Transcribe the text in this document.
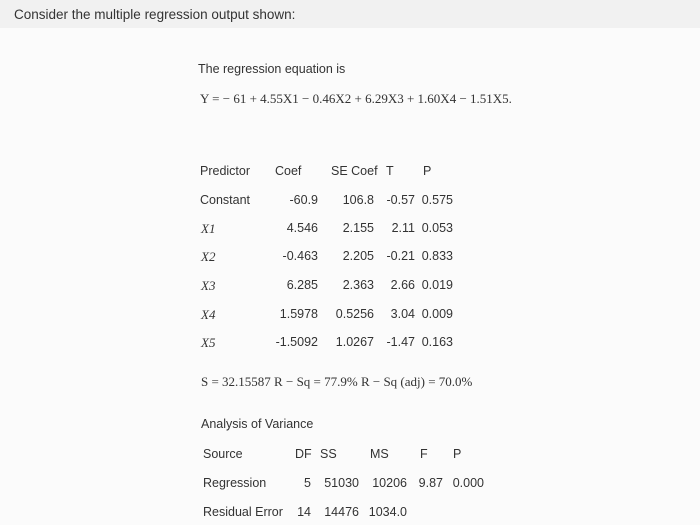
Consider the multiple regression output shown:
The regression equation is
Y = − 61 + 4.55X1 − 0.46X2 + 6.29X3 + 1.60X4 − 1.51X5.
Predictor Coef SE Coef T P
Constant	-60.9 106.8 -0.57 0.575
X1	4.546 2.155 2.11 0.053
X2	-0.463 2.205 -0.21 0.833
X3	6.285 2.363 2.66 0.019
X4	1.5978 0.5256 3.04 0.009
X5	-1.5092 1.0267 -1.47 0.163
S = 32.15587 R − Sq = 77.9% R − Sq (adj) = 70.0%
Analysis of Variance
Source	DF SS	MS	F P
Regression	5 51030 10206 9.87 0.000
Residual Error 14 14476 1034.0
